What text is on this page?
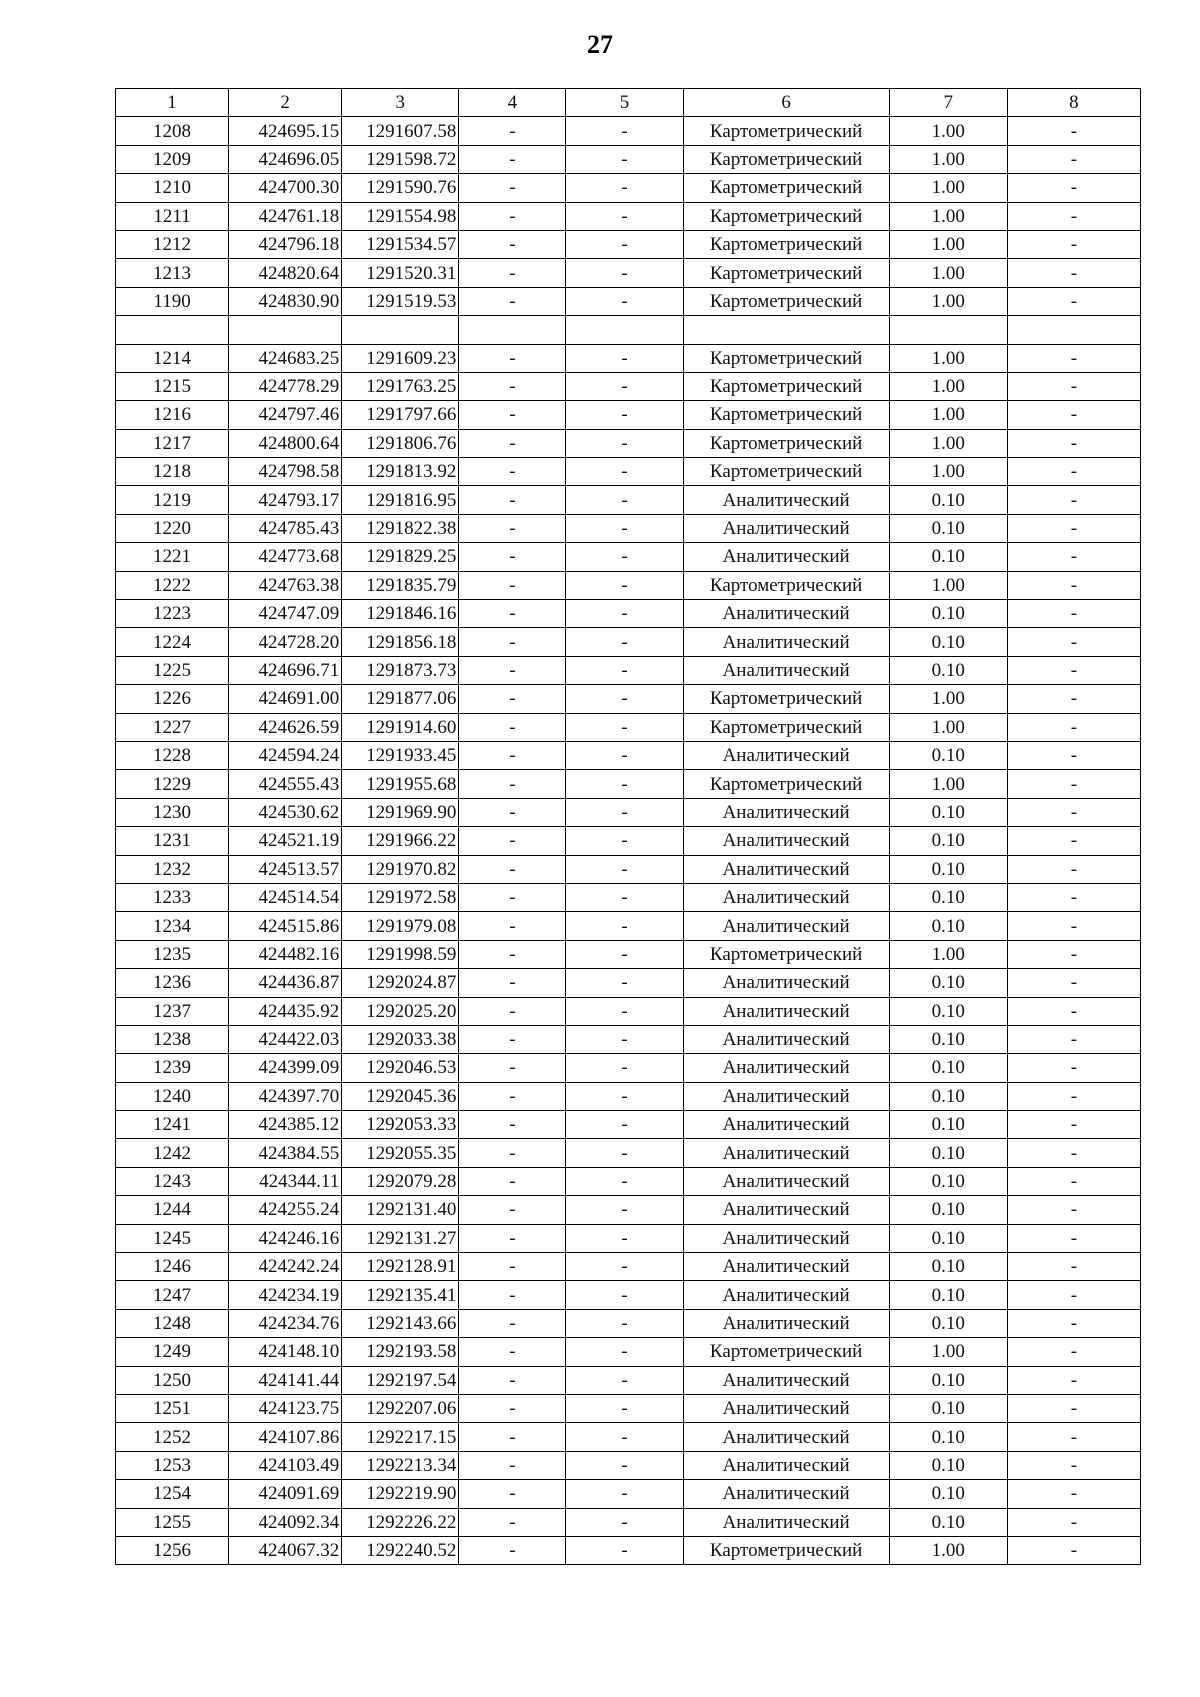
27
1	2	3	4	5	6	7	8
1208	424695.15	1291607.58	-	-	Картометрический	1.00	-
1209	424696.05	1291598.72	-	-	Картометрический	1.00	-
1210	424700.30	1291590.76	-	-	Картометрический	1.00	-
1211	424761.18	1291554.98	-	-	Картометрический	1.00	-
1212	424796.18	1291534.57	-	-	Картометрический	1.00	-
1213	424820.64	1291520.31	-	-	Картометрический	1.00	-
1190	424830.90	1291519.53	-	-	Картометрический	1.00	-

1214	424683.25	1291609.23	-	-	Картометрический	1.00	-
1215	424778.29	1291763.25	-	-	Картометрический	1.00	-
1216	424797.46	1291797.66	-	-	Картометрический	1.00	-
1217	424800.64	1291806.76	-	-	Картометрический	1.00	-
1218	424798.58	1291813.92	-	-	Картометрический	1.00	-
1219	424793.17	1291816.95	-	-	Аналитический	0.10	-
1220	424785.43	1291822.38	-	-	Аналитический	0.10	-
1221	424773.68	1291829.25	-	-	Аналитический	0.10	-
1222	424763.38	1291835.79	-	-	Картометрический	1.00	-
1223	424747.09	1291846.16	-	-	Аналитический	0.10	-
1224	424728.20	1291856.18	-	-	Аналитический	0.10	-
1225	424696.71	1291873.73	-	-	Аналитический	0.10	-
1226	424691.00	1291877.06	-	-	Картометрический	1.00	-
1227	424626.59	1291914.60	-	-	Картометрический	1.00	-
1228	424594.24	1291933.45	-	-	Аналитический	0.10	-
1229	424555.43	1291955.68	-	-	Картометрический	1.00	-
1230	424530.62	1291969.90	-	-	Аналитический	0.10	-
1231	424521.19	1291966.22	-	-	Аналитический	0.10	-
1232	424513.57	1291970.82	-	-	Аналитический	0.10	-
1233	424514.54	1291972.58	-	-	Аналитический	0.10	-
1234	424515.86	1291979.08	-	-	Аналитический	0.10	-
1235	424482.16	1291998.59	-	-	Картометрический	1.00	-
1236	424436.87	1292024.87	-	-	Аналитический	0.10	-
1237	424435.92	1292025.20	-	-	Аналитический	0.10	-
1238	424422.03	1292033.38	-	-	Аналитический	0.10	-
1239	424399.09	1292046.53	-	-	Аналитический	0.10	-
1240	424397.70	1292045.36	-	-	Аналитический	0.10	-
1241	424385.12	1292053.33	-	-	Аналитический	0.10	-
1242	424384.55	1292055.35	-	-	Аналитический	0.10	-
1243	424344.11	1292079.28	-	-	Аналитический	0.10	-
1244	424255.24	1292131.40	-	-	Аналитический	0.10	-
1245	424246.16	1292131.27	-	-	Аналитический	0.10	-
1246	424242.24	1292128.91	-	-	Аналитический	0.10	-
1247	424234.19	1292135.41	-	-	Аналитический	0.10	-
1248	424234.76	1292143.66	-	-	Аналитический	0.10	-
1249	424148.10	1292193.58	-	-	Картометрический	1.00	-
1250	424141.44	1292197.54	-	-	Аналитический	0.10	-
1251	424123.75	1292207.06	-	-	Аналитический	0.10	-
1252	424107.86	1292217.15	-	-	Аналитический	0.10	-
1253	424103.49	1292213.34	-	-	Аналитический	0.10	-
1254	424091.69	1292219.90	-	-	Аналитический	0.10	-
1255	424092.34	1292226.22	-	-	Аналитический	0.10	-
1256	424067.32	1292240.52	-	-	Картометрический	1.00	-
